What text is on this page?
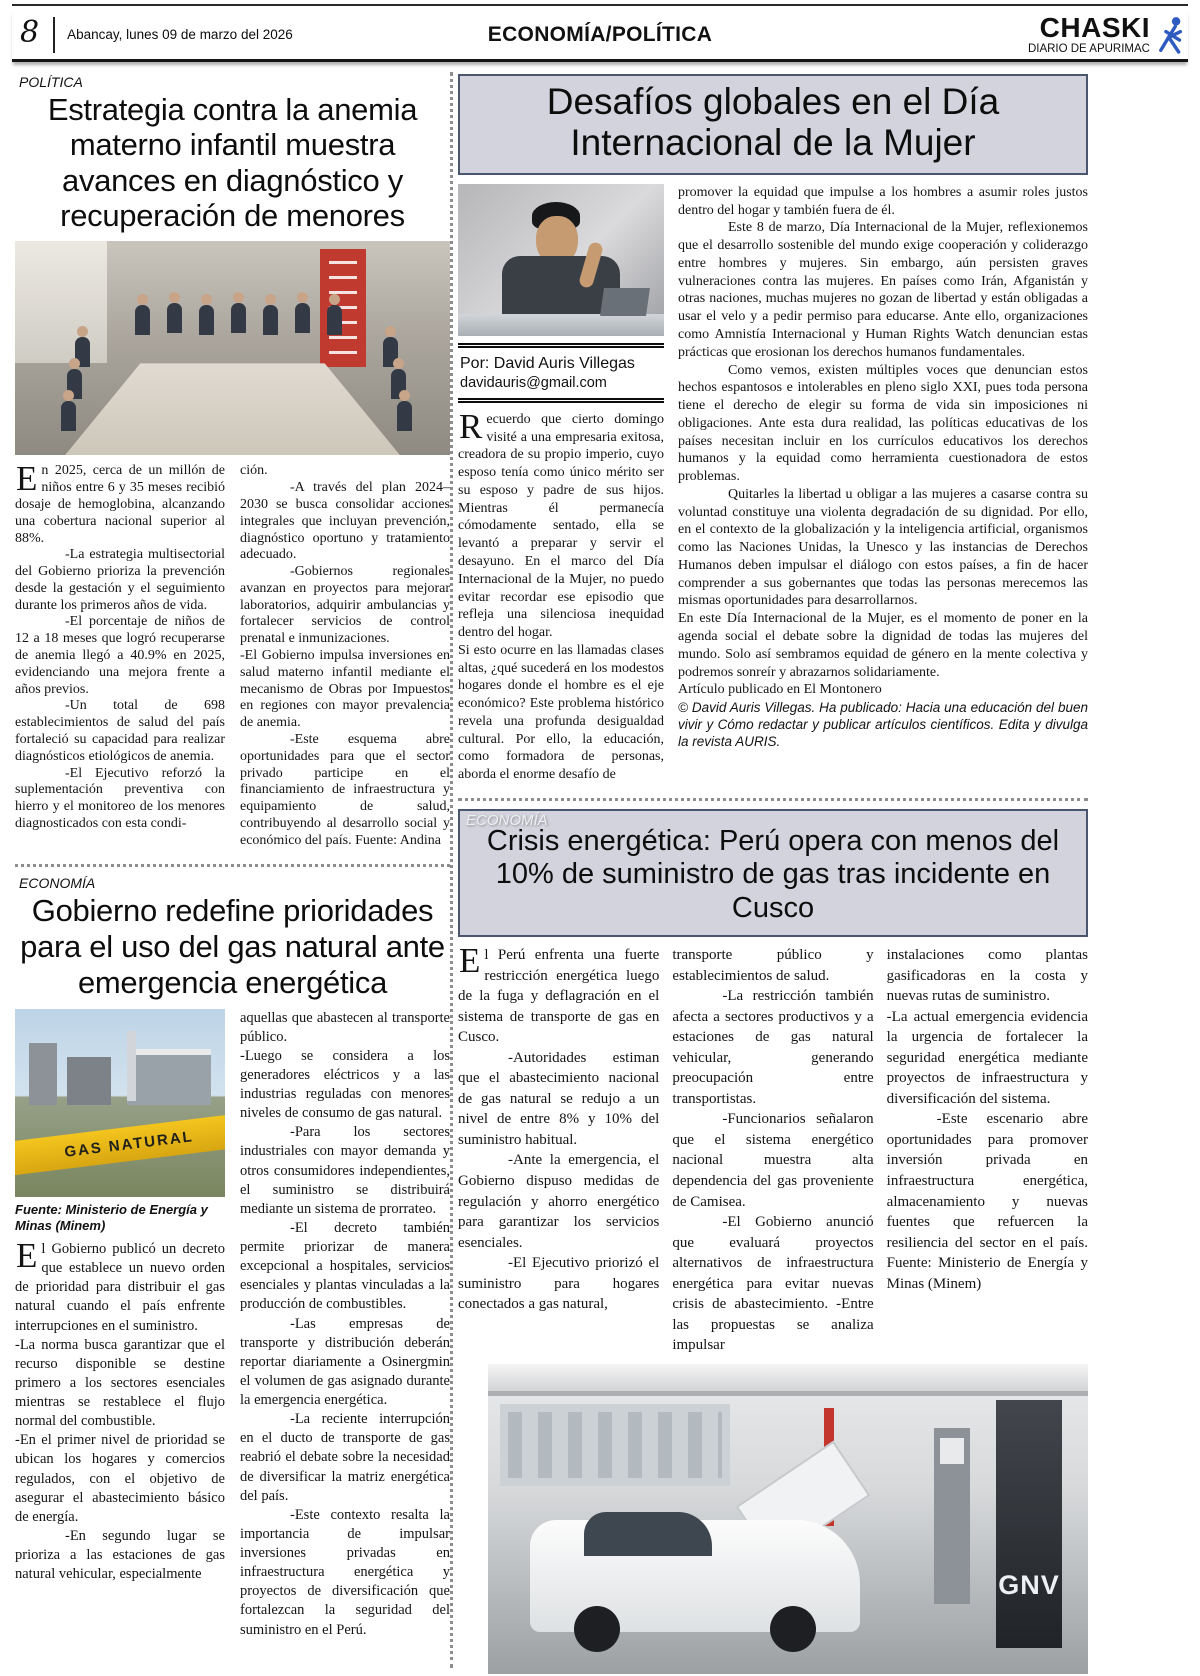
8	Abancay, lunes 09 de marzo del 2026	ECONOMÍA/POLÍTICA	CHASKI
DIARIO DE APURIMAC

POLÍTICA

Estrategia contra la anemia materno infantil muestra avances en diagnóstico y recuperación de menores

En 2025, cerca de un millón de niños entre 6 y 35 meses recibió dosaje de hemoglobina, alcanzando una cobertura nacional superior al 88%.

-La estrategia multisectorial del Gobierno prioriza la prevención desde la gestación y el seguimiento durante los primeros años de vida.

-El porcentaje de niños de 12 a 18 meses que logró recuperarse de anemia llegó a 40.9% en 2025, evidenciando una mejora frente a años previos.

-Un total de 698 establecimientos de salud del país fortaleció su capacidad para realizar diagnósticos etiológicos de anemia.

-El Ejecutivo reforzó la suplementación preventiva con hierro y el monitoreo de los menores diagnosticados con esta condi-

ción.

-A través del plan 2024–2030 se busca consolidar acciones integrales que incluyan prevención, diagnóstico oportuno y tratamiento adecuado.

-Gobiernos regionales avanzan en proyectos para mejorar laboratorios, adquirir ambulancias y fortalecer servicios de control prenatal e inmunizaciones.

-El Gobierno impulsa inversiones en salud materno infantil mediante el mecanismo de Obras por Impuestos en regiones con mayor prevalencia de anemia.

-Este esquema abre oportunidades para que el sector privado participe en el financiamiento de infraestructura y equipamiento de salud, contribuyendo al desarrollo social y económico del país. Fuente: Andina

ECONOMÍA

Gobierno redefine prioridades para el uso del gas natural ante emergencia energética
GAS NATURAL

Fuente: Ministerio de Energía y Minas (Minem)

El Gobierno publicó un decreto que establece un nuevo orden de prioridad para distribuir el gas natural cuando el país enfrente interrupciones en el suministro.

-La norma busca garantizar que el recurso disponible se destine primero a los sectores esenciales mientras se restablece el flujo normal del combustible.

-En el primer nivel de prioridad se ubican los hogares y comercios regulados, con el objetivo de asegurar el abastecimiento básico de energía.

-En segundo lugar se prioriza a las estaciones de gas natural vehicular, especialmente

aquellas que abastecen al transporte público.

-Luego se considera a los generadores eléctricos y a las industrias reguladas con menores niveles de consumo de gas natural.

-Para los sectores industriales con mayor demanda y otros consumidores independientes, el suministro se distribuirá mediante un sistema de prorrateo.

-El decreto también permite priorizar de manera excepcional a hospitales, servicios esenciales y plantas vinculadas a la producción de combustibles.

-Las empresas de transporte y distribución deberán reportar diariamente a Osinergmin el volumen de gas asignado durante la emergencia energética.

-La reciente interrupción en el ducto de transporte de gas reabrió el debate sobre la necesidad de diversificar la matriz energética del país.

-Este contexto resalta la importancia de impulsar inversiones privadas en infraestructura energética y proyectos de diversificación que fortalezcan la seguridad del suministro en el Perú.

Desafíos globales en el Día Internacional de la Mujer

Por: David Auris Villegas

davidauris@gmail.com

Recuerdo que cierto domingo visité a una empresaria exitosa, creadora de su propio imperio, cuyo esposo tenía como único mérito ser su esposo y padre de sus hijos. Mientras él permanecía cómodamente sentado, ella se levantó a preparar y servir el desayuno. En el marco del Día Internacional de la Mujer, no puedo evitar recordar ese episodio que refleja una silenciosa inequidad dentro del hogar.

Si esto ocurre en las llamadas clases altas, ¿qué sucederá en los modestos hogares donde el hombre es el eje económico? Este problema histórico revela una profunda desigualdad cultural. Por ello, la educación, como formadora de personas, aborda el enorme desafío de

promover la equidad que impulse a los hombres a asumir roles justos dentro del hogar y también fuera de él.

Este 8 de marzo, Día Internacional de la Mujer, reflexionemos que el desarrollo sostenible del mundo exige cooperación y coliderazgo entre hombres y mujeres. Sin embargo, aún persisten graves vulneraciones contra las mujeres. En países como Irán, Afganistán y otras naciones, muchas mujeres no gozan de libertad y están obligadas a usar el velo y a pedir permiso para educarse. Ante ello, organizaciones como Amnistía Internacional y Human Rights Watch denuncian estas prácticas que erosionan los derechos humanos fundamentales.

Como vemos, existen múltiples voces que denuncian estos hechos espantosos e intolerables en pleno siglo XXI, pues toda persona tiene el derecho de elegir su forma de vida sin imposiciones ni obligaciones. Ante esta dura realidad, las políticas educativas de los países necesitan incluir en los currículos educativos los derechos humanos y la equidad como herramienta cuestionadora de estos problemas.

Quitarles la libertad u obligar a las mujeres a casarse contra su voluntad constituye una violenta degradación de su dignidad. Por ello, en el contexto de la globalización y la inteligencia artificial, organismos como las Naciones Unidas, la Unesco y las instancias de Derechos Humanos deben impulsar el diálogo con estos países, a fin de hacer comprender a sus gobernantes que todas las personas merecemos las mismas oportunidades para desarrollarnos.

En este Día Internacional de la Mujer, es el momento de poner en la agenda social el debate sobre la dignidad de todas las mujeres del mundo. Solo así sembramos equidad de género en la mente colectiva y podremos sonreír y abrazarnos solidariamente.

Artículo publicado en El Montonero

© David Auris Villegas. Ha publicado: Hacia una educación del buen vivir y Cómo redactar y publicar artículos científicos. Edita y divulga la revista AURIS.

ECONOMÍA
Crisis energética: Perú opera con menos del 10% de suministro de gas tras incidente en Cusco

El Perú enfrenta una fuerte restricción energética luego de la fuga y deflagración en el sistema de transporte de gas en Cusco.

-Autoridades estiman que el abastecimiento nacional de gas natural se redujo a un nivel de entre 8% y 10% del suministro habitual.

-Ante la emergencia, el Gobierno dispuso medidas de regulación y ahorro energético para garantizar los servicios esenciales.

-El Ejecutivo priorizó el suministro para hogares conectados a gas natural,

transporte público y establecimientos de salud.

-La restricción también afecta a sectores productivos y a estaciones de gas natural vehicular, generando preocupación entre transportistas.

-Funcionarios señalaron que el sistema energético nacional muestra alta dependencia del gas proveniente de Camisea.

-El Gobierno anunció que evaluará proyectos alternativos de infraestructura energética para evitar nuevas crisis de abastecimiento. -Entre las propuestas se analiza impulsar

instalaciones como plantas gasificadoras en la costa y nuevas rutas de suministro.

-La actual emergencia evidencia la urgencia de fortalecer la seguridad energética mediante proyectos de infraestructura y diversificación del sistema.

-Este escenario abre oportunidades para promover inversión privada en infraestructura energética, almacenamiento y nuevas fuentes que refuercen la resiliencia del sector en el país. Fuente: Ministerio de Energía y Minas (Minem)

GNV
